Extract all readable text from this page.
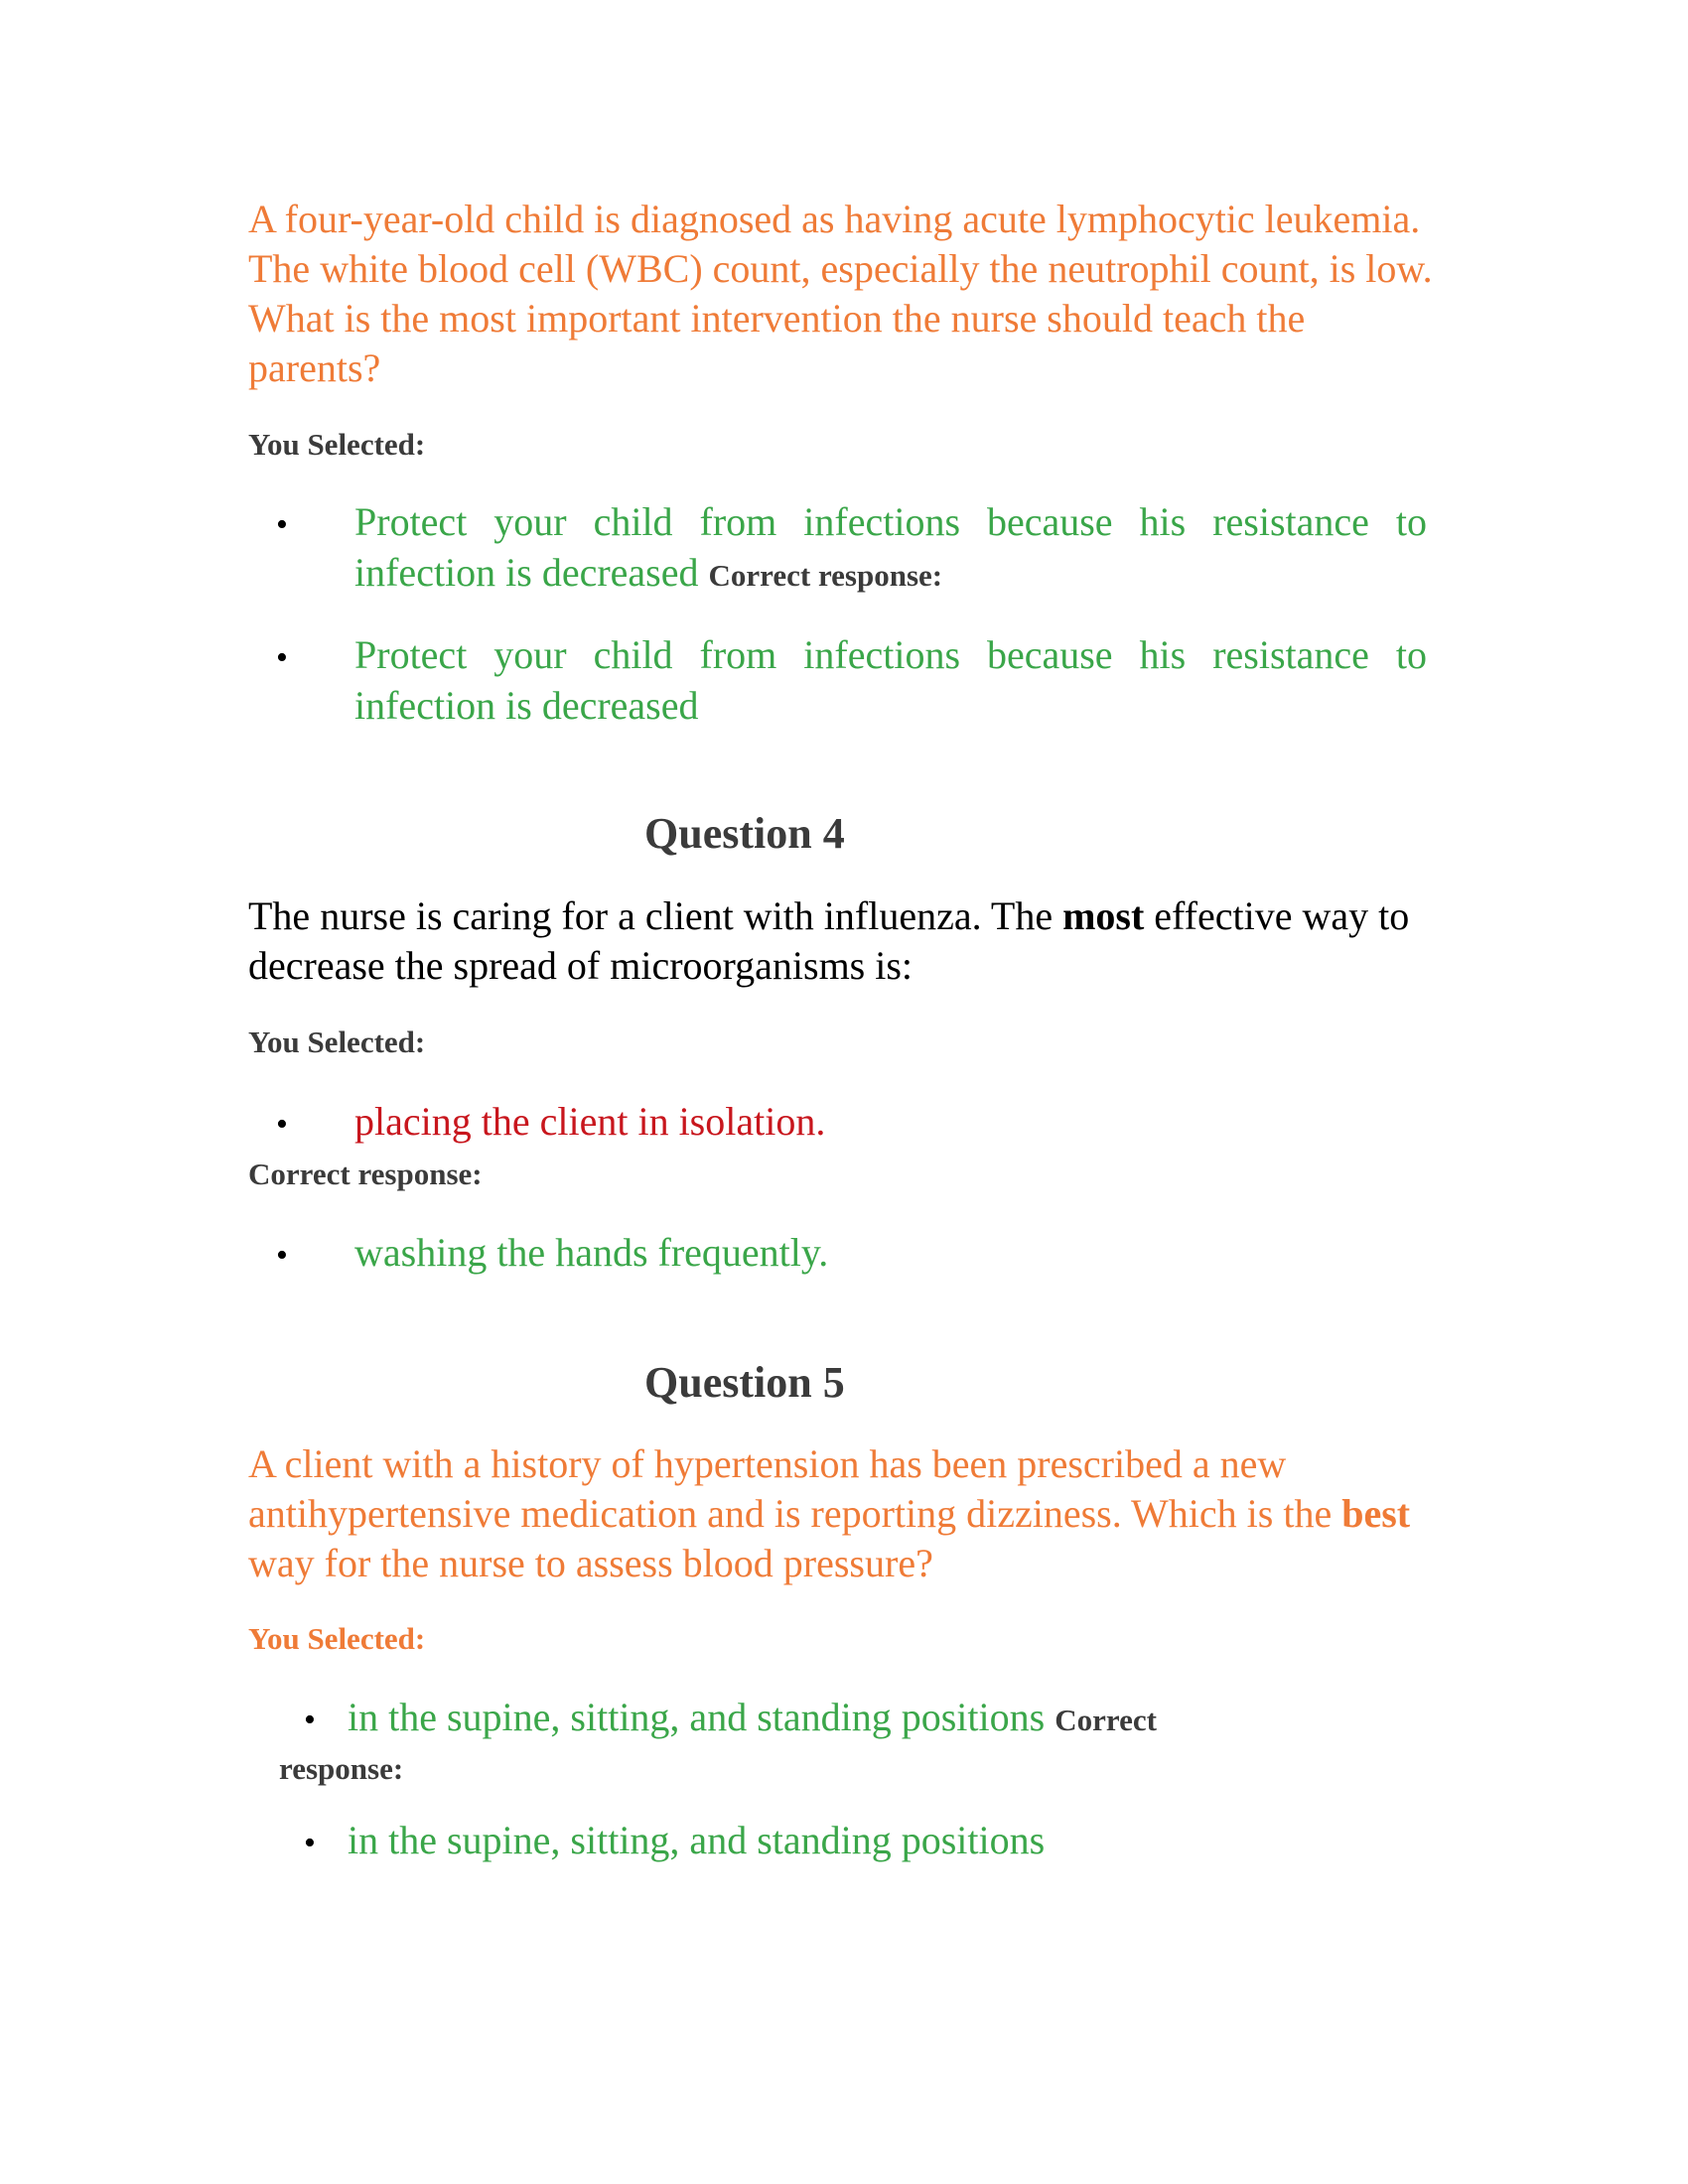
A four-year-old child is diagnosed as having acute lymphocytic leukemia. The white blood cell (WBC) count, especially the neutrophil count, is low. What is the most important intervention the nurse should teach the parents?

You Selected:

• Protect your child from infections because his resistance to
infection is decreased Correct response:
• Protect your child from infections because his resistance to
infection is decreased

Question 4

The nurse is caring for a client with influenza. The most effective way to decrease the spread of microorganisms is:

You Selected:

• placing the client in isolation.

Correct response:

• washing the hands frequently.

Question 5

A client with a history of hypertension has been prescribed a new antihypertensive medication and is reporting dizziness. Which is the best way for the nurse to assess blood pressure?

You Selected:

• in the supine, sitting, and standing positions Correct

response:

• in the supine, sitting, and standing positions
